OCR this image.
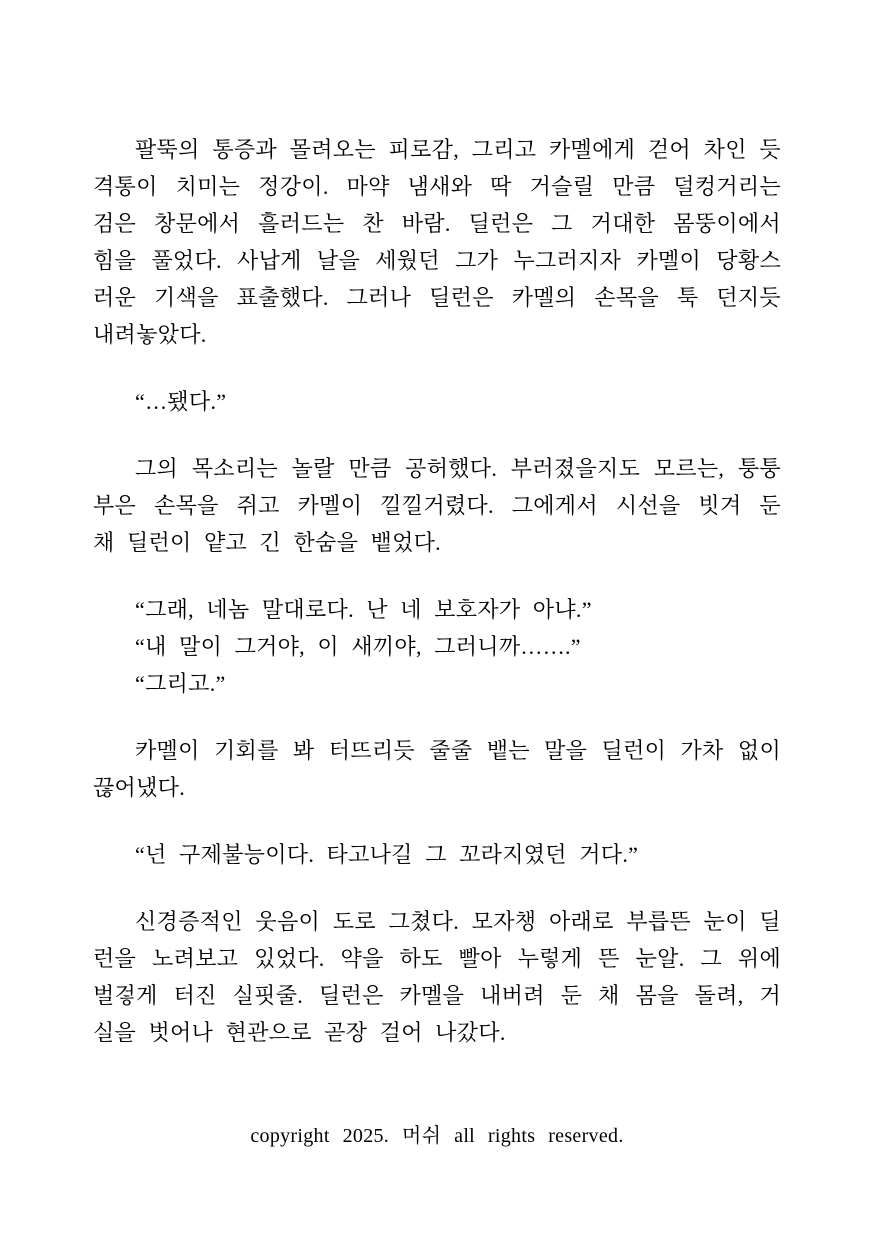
팔뚝의 통증과 몰려오는 피로감, 그리고 카멜에게 걷어 차인 듯
격통이 치미는 정강이. 마약 냄새와 딱 거슬릴 만큼 덜컹거리는
검은 창문에서 흘러드는 찬 바람. 딜런은 그 거대한 몸뚱이에서
힘을 풀었다. 사납게 날을 세웠던 그가 누그러지자 카멜이 당황스
러운 기색을 표출했다. 그러나 딜런은 카멜의 손목을 툭 던지듯
내려놓았다.
“…됐다.”
그의 목소리는 놀랄 만큼 공허했다. 부러졌을지도 모르는, 퉁퉁
부은 손목을 쥐고 카멜이 낄낄거렸다. 그에게서 시선을 빗겨 둔
채 딜런이 얕고 긴 한숨을 뱉었다.
“그래, 네놈 말대로다. 난 네 보호자가 아냐.”
“내 말이 그거야, 이 새끼야, 그러니까…….”
“그리고.”
카멜이 기회를 봐 터뜨리듯 줄줄 뱉는 말을 딜런이 가차 없이
끊어냈다.
“넌 구제불능이다. 타고나길 그 꼬라지였던 거다.”
신경증적인 웃음이 도로 그쳤다. 모자챙 아래로 부릅뜬 눈이 딜
런을 노려보고 있었다. 약을 하도 빨아 누렇게 뜬 눈알. 그 위에
벌겋게 터진 실핏줄. 딜런은 카멜을 내버려 둔 채 몸을 돌려, 거
실을 벗어나 현관으로 곧장 걸어 나갔다.
copyright 2025. 머쉬 all rights reserved.
